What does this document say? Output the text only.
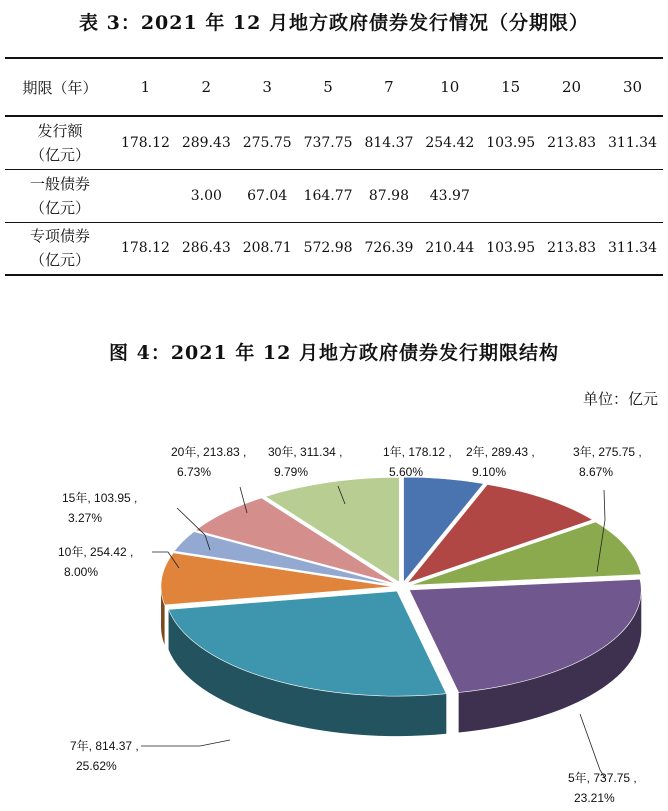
表 3：2021 年 12 月地方政府债券发行情况（分期限）
期限（年）	1	2	3	5	7	10	15	20	30

发行额
（亿元）	178.12	289.43	275.75	737.75	814.37	254.42	103.95	213.83	311.34

一般债券
（亿元）		3.00	67.04	164.77	87.98	43.97			

专项债券
（亿元）	178.12	286.43	208.71	572.98	726.39	210.44	103.95	213.83	311.34
图 4：2021 年 12 月地方政府债券发行期限结构
单位：亿元
1年, 178.12 ,
5.60%
2年, 289.43 ,
9.10%
3年, 275.75 ,
8.67%
5年, 737.75 ,
23.21%
7年, 814.37 ,
25.62%
10年, 254.42 ,
8.00%
15年, 103.95 ,
3.27%
20年, 213.83 ,
6.73%
30年, 311.34 ,
9.79%
